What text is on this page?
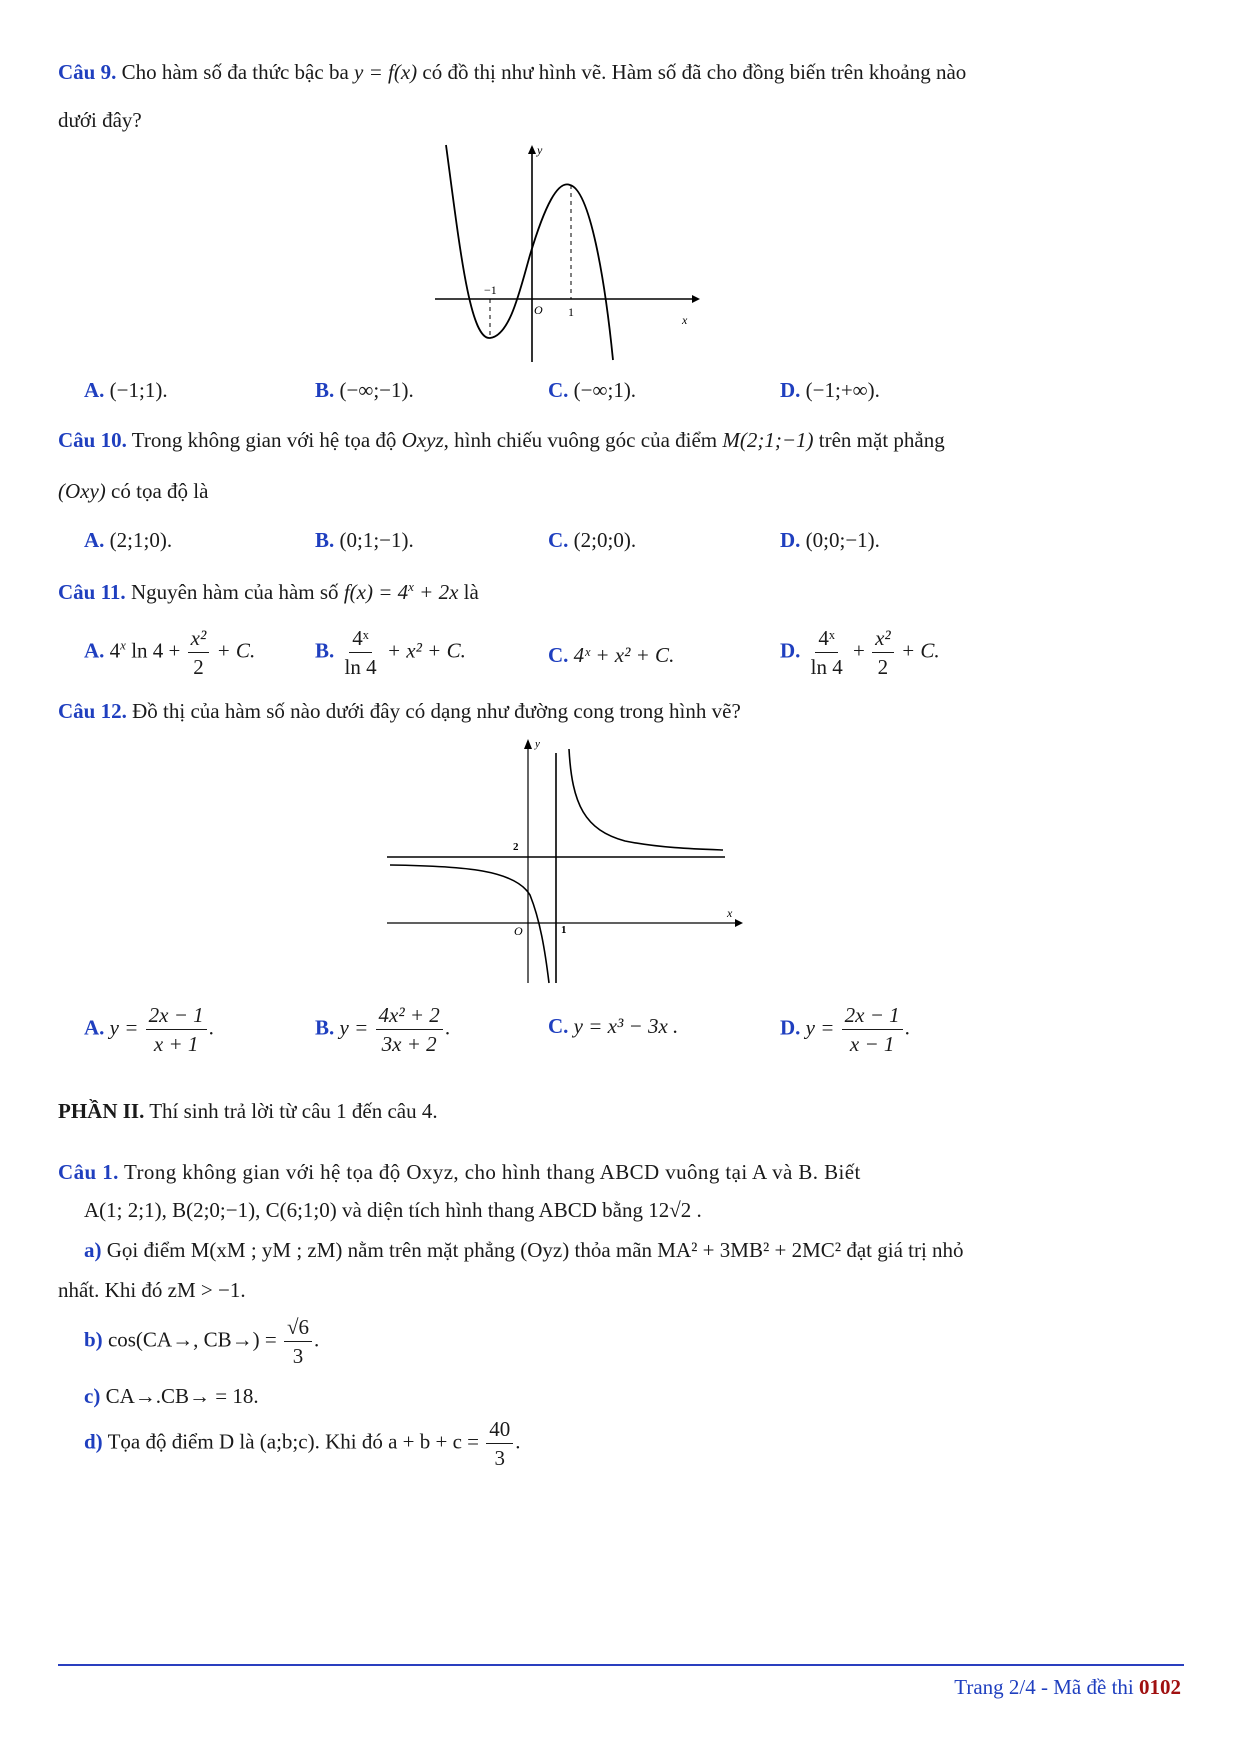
Câu 9. Cho hàm số đa thức bậc ba y = f(x) có đồ thị như hình vẽ. Hàm số đã cho đồng biến trên khoảng nào
dưới đây?
y
x
O
−1
1
A. (−1;1).	B. (−∞;−1).	C. (−∞;1).	D. (−1;+∞).
Câu 10. Trong không gian với hệ tọa độ Oxyz, hình chiếu vuông góc của điểm M(2;1;−1) trên mặt phẳng
(Oxy) có tọa độ là
A. (2;1;0).	B. (0;1;−1).	C. (2;0;0).	D. (0;0;−1).
Câu 11. Nguyên hàm của hàm số $f(x) = 4^x + 2x$ là
A. 4$^x$ $\ln 4 + \frac{\text{x²}}{2} + C$.	B. $\frac{\text{4ˣ}}{\ln 4} + x^2 + C$.	C. 4ˣ + x² + C.	D. $\frac{\text{4ˣ}}{\ln 4} + \frac{\text{x²}}{2} + C$.
Câu 12. Đồ thị của hàm số nào dưới đây có dạng như đường cong trong hình vẽ?
y
x
O
2
1
A. $y = \frac{2x - 1}{x + 1}$ .	B. $y = \frac{\text{4x² + 2}}{3x + 2}$ .	C. y = x³ − 3x .	D. $y = \frac{2x - 1}{x - 1}$ .
PHẦN II. Thí sinh trả lời từ câu 1 đến câu 4.
Câu 1. Trong không gian với hệ tọa độ Oxyz, cho hình thang ABCD vuông tại A và B. Biết
A(1; 2;1), B(2;0;−1), C(6;1;0) và diện tích hình thang ABCD bằng 12√2 .
a) Gọi điểm M(xM ; yM ; zM) nằm trên mặt phẳng (Oyz) thỏa mãn MA² + 3MB² + 2MC² đạt giá trị nhỏ
nhất. Khi đó zM > −1.
b) cos(CA→, $CB\to) = \frac{√6}{3}$ .
c) CA→.CB→ = 18.
d) Tọa độ điểm D là (a;b;c). Khi đó $a + b + c = \frac{40}{3}$ .
Trang 2/4 - Mã đề thi 0102
